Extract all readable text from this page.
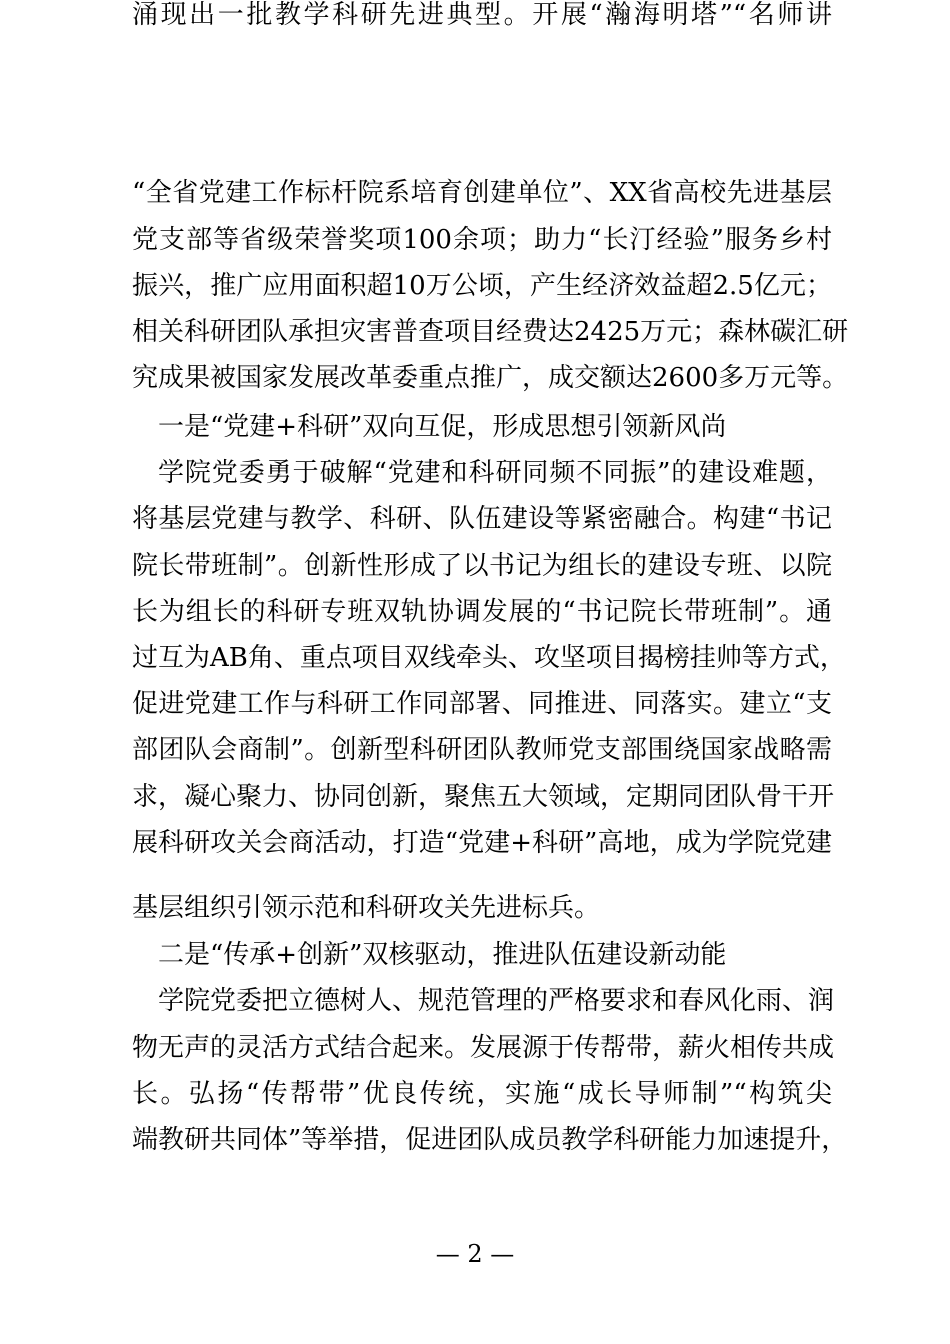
“全省党建工作标杆院系培育创建单位”、XX省高校先进基层
党支部等省级荣誉奖项100余项；助力“长汀经验”服务乡村
振兴，推广应用面积超10万公顷，产生经济效益超2.5亿元；
相关科研团队承担灾害普查项目经费达2425万元；森林碳汇研
究成果被国家发展改革委重点推广，成交额达2600多万元等。
一是“党建+科研”双向互促，形成思想引领新风尚
学院党委勇于破解“党建和科研同频不同振”的建设难题，
将基层党建与教学、科研、队伍建设等紧密融合。构建“书记
院长带班制”。创新性形成了以书记为组长的建设专班、以院
长为组长的科研专班双轨协调发展的“书记院长带班制”。通
过互为AB角、重点项目双线牵头、攻坚项目揭榜挂帅等方式，
促进党建工作与科研工作同部署、同推进、同落实。建立“支
部团队会商制”。创新型科研团队教师党支部围绕国家战略需
求，凝心聚力、协同创新，聚焦五大领域，定期同团队骨干开
展科研攻关会商活动，打造“党建+科研”高地，成为学院党建
基层组织引领示范和科研攻关先进标兵。
二是“传承+创新”双核驱动，推进队伍建设新动能
学院党委把立德树人、规范管理的严格要求和春风化雨、润
物无声的灵活方式结合起来。发展源于传帮带，薪火相传共成
长。弘扬“传帮带”优良传统，实施“成长导师制”“构筑尖
端教研共同体”等举措，促进团队成员教学科研能力加速提升，
涌现出一批教学科研先进典型。开展“瀚海明塔”“名师讲
— 2 —
